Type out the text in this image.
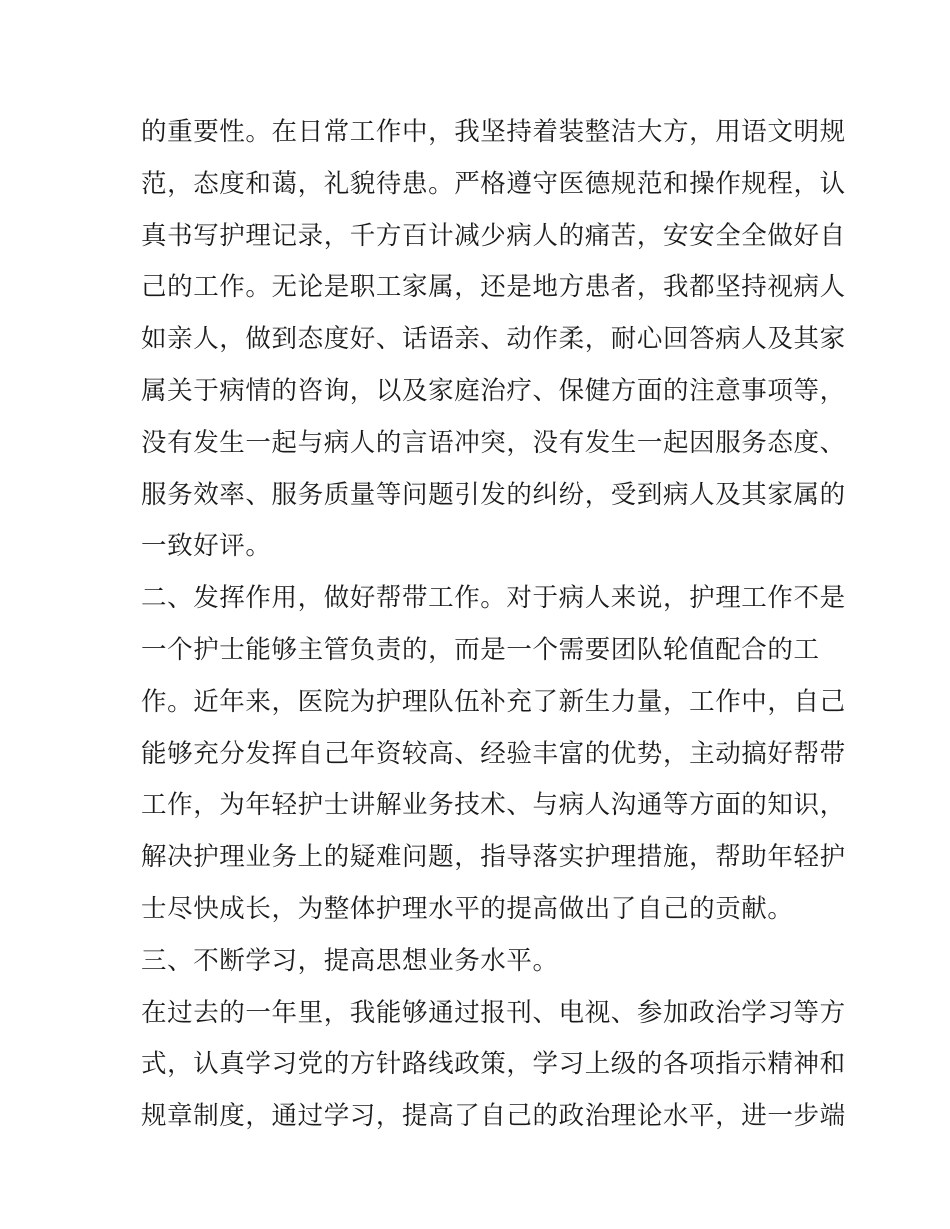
的重要性。在日常工作中，我坚持着装整洁大方，用语文明规
范，态度和蔼，礼貌待患。严格遵守医德规范和操作规程，认
真书写护理记录，千方百计减少病人的痛苦，安安全全做好自
己的工作。无论是职工家属，还是地方患者，我都坚持视病人
如亲人，做到态度好、话语亲、动作柔，耐心回答病人及其家
属关于病情的咨询，以及家庭治疗、保健方面的注意事项等，
没有发生一起与病人的言语冲突，没有发生一起因服务态度、
服务效率、服务质量等问题引发的纠纷，受到病人及其家属的
一致好评。
二、发挥作用，做好帮带工作。对于病人来说，护理工作不是
一个护士能够主管负责的，而是一个需要团队轮值配合的工
作。近年来，医院为护理队伍补充了新生力量，工作中，自己
能够充分发挥自己年资较高、经验丰富的优势，主动搞好帮带
工作，为年轻护士讲解业务技术、与病人沟通等方面的知识，
解决护理业务上的疑难问题，指导落实护理措施，帮助年轻护
士尽快成长，为整体护理水平的提高做出了自己的贡献。
三、不断学习，提高思想业务水平。
在过去的一年里，我能够通过报刊、电视、参加政治学习等方
式，认真学习党的方针路线政策，学习上级的各项指示精神和
规章制度，通过学习，提高了自己的政治理论水平，进一步端
